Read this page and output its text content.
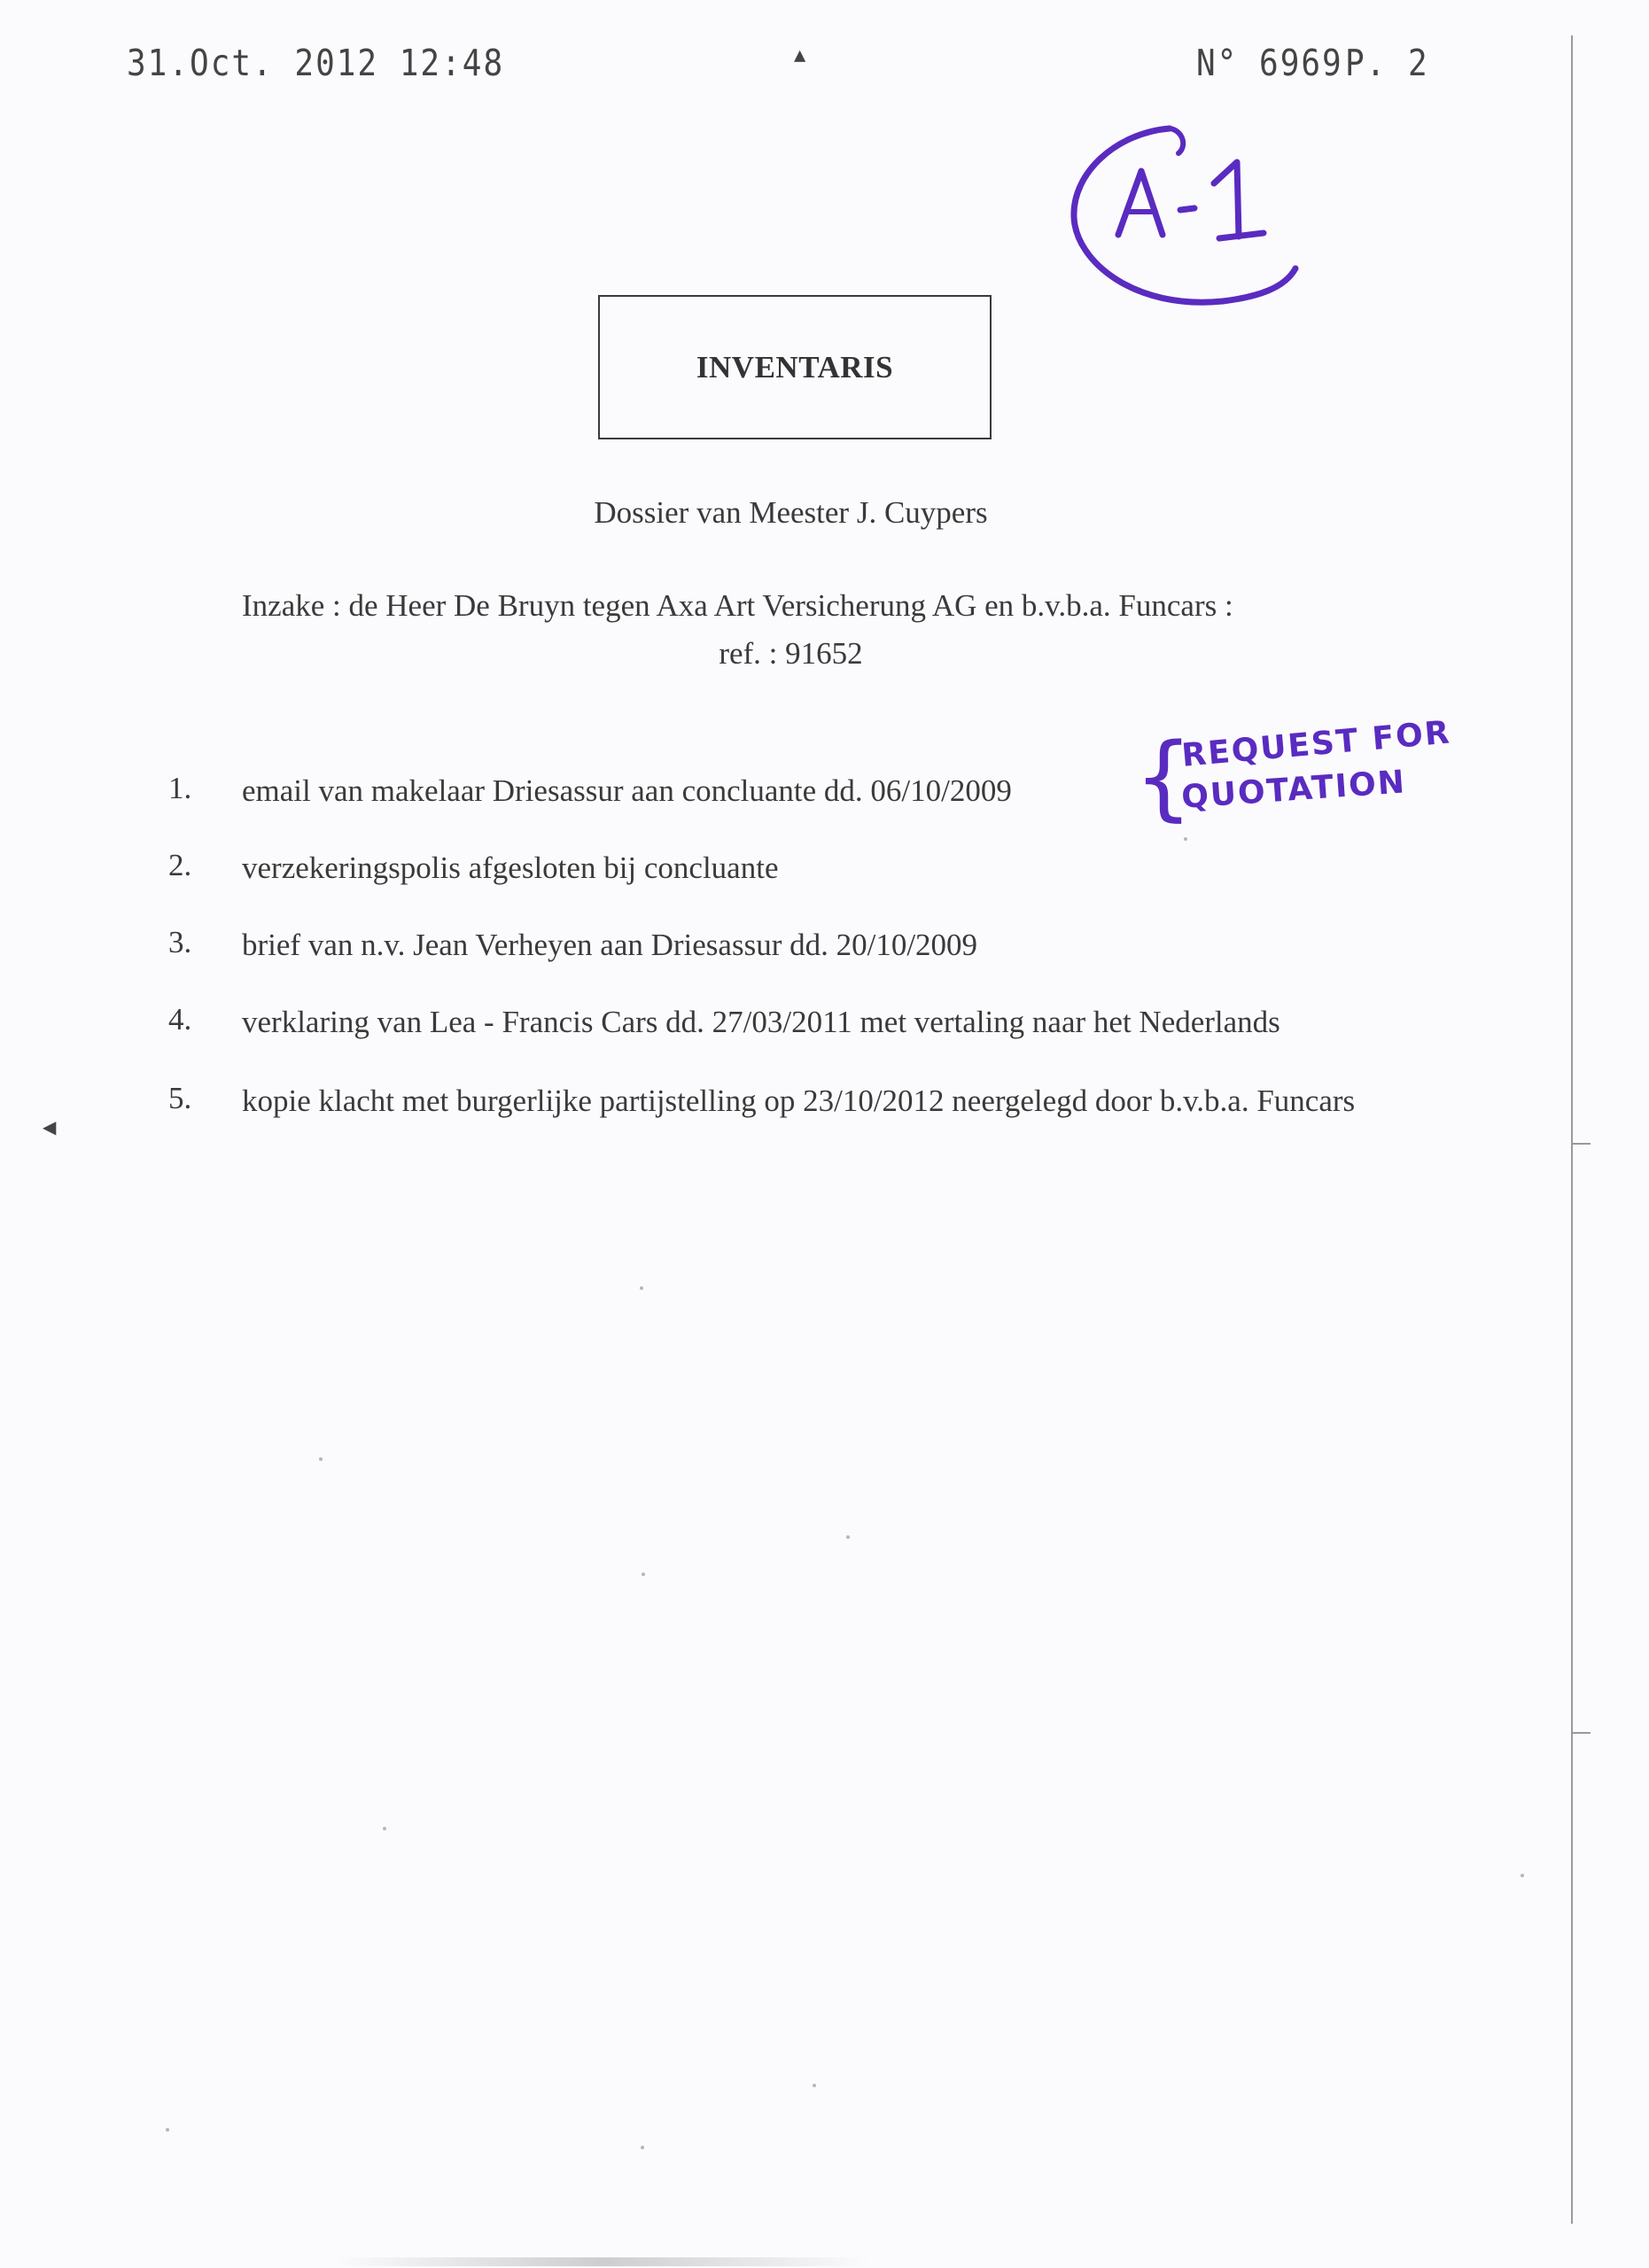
31.Oct. 2012 12:48	▲	N° 6969 P. 2
◀
INVENTARIS
Dossier van Meester J. Cuypers
Inzake : de Heer De Bruyn tegen Axa Art Versicherung AG en b.v.b.a. Funcars :
ref. : 91652
1. email van makelaar Driesassur aan concluante dd. 06/10/2009
2. verzekeringspolis afgesloten bij concluante
3. brief van n.v. Jean Verheyen aan Driesassur dd. 20/10/2009
4. verklaring van Lea - Francis Cars dd. 27/03/2011 met vertaling naar het Nederlands
5. kopie klacht met burgerlijke partijstelling op 23/10/2012 neergelegd door b.v.b.a. Funcars
{
REQUEST FOR
QUOTATION
